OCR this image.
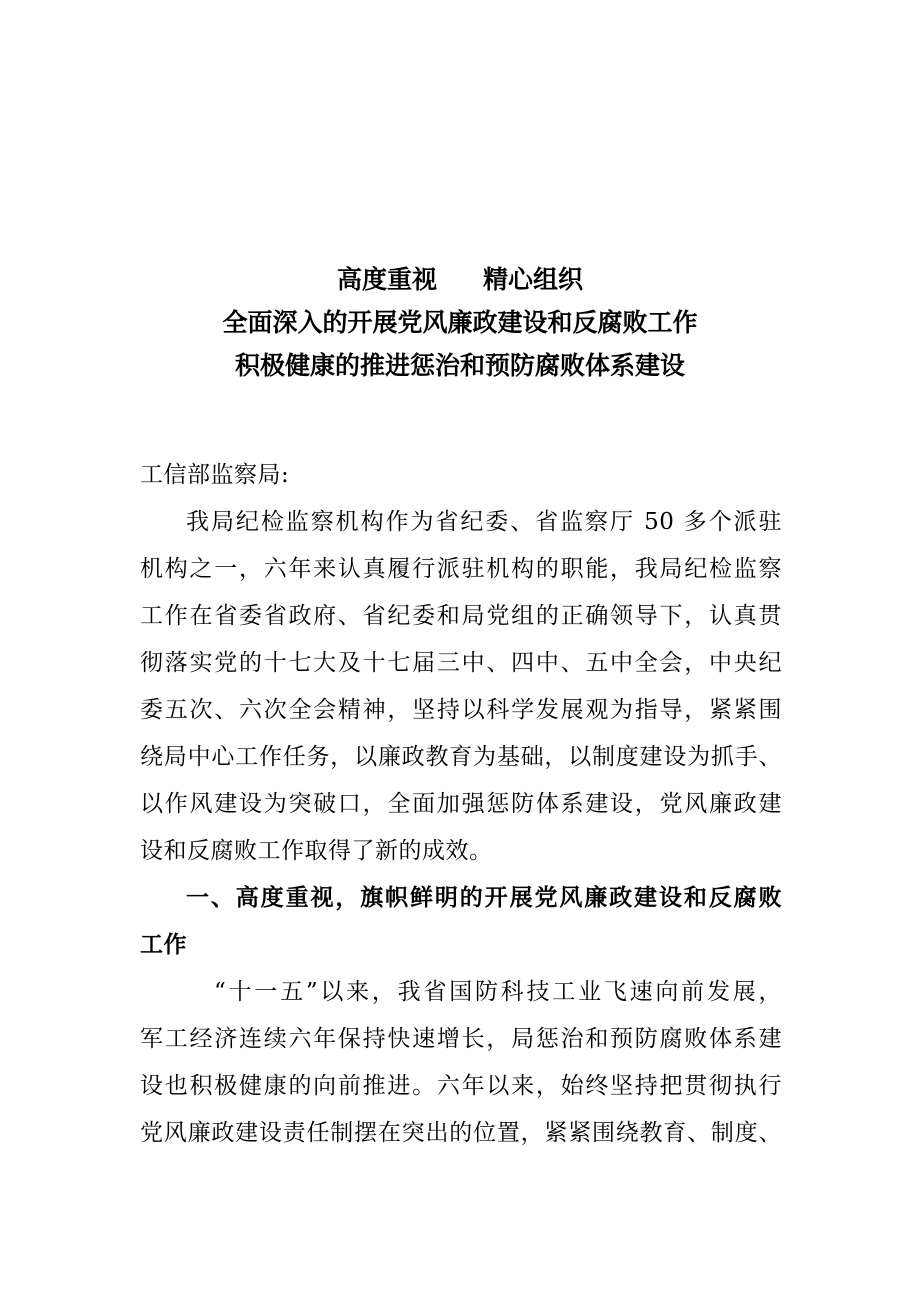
高度重视 精心组织
全面深入的开展党风廉政建设和反腐败工作
积极健康的推进惩治和预防腐败体系建设
工信部监察局:
我局纪检监察机构作为省纪委、省监察厅 50 多个派驻
机构之一，六年来认真履行派驻机构的职能，我局纪检监察
工作在省委省政府、省纪委和局党组的正确领导下，认真贯
彻落实党的十七大及十七届三中、四中、五中全会，中央纪
委五次、六次全会精神，坚持以科学发展观为指导，紧紧围
绕局中心工作任务，以廉政教育为基础，以制度建设为抓手、
以作风建设为突破口，全面加强惩防体系建设，党风廉政建
设和反腐败工作取得了新的成效。
一、高度重视，旗帜鲜明的开展党风廉政建设和反腐败
工作
“十一五”以来，我省国防科技工业飞速向前发展，
军工经济连续六年保持快速增长，局惩治和预防腐败体系建
设也积极健康的向前推进。六年以来，始终坚持把贯彻执行
党风廉政建设责任制摆在突出的位置，紧紧围绕教育、制度、
